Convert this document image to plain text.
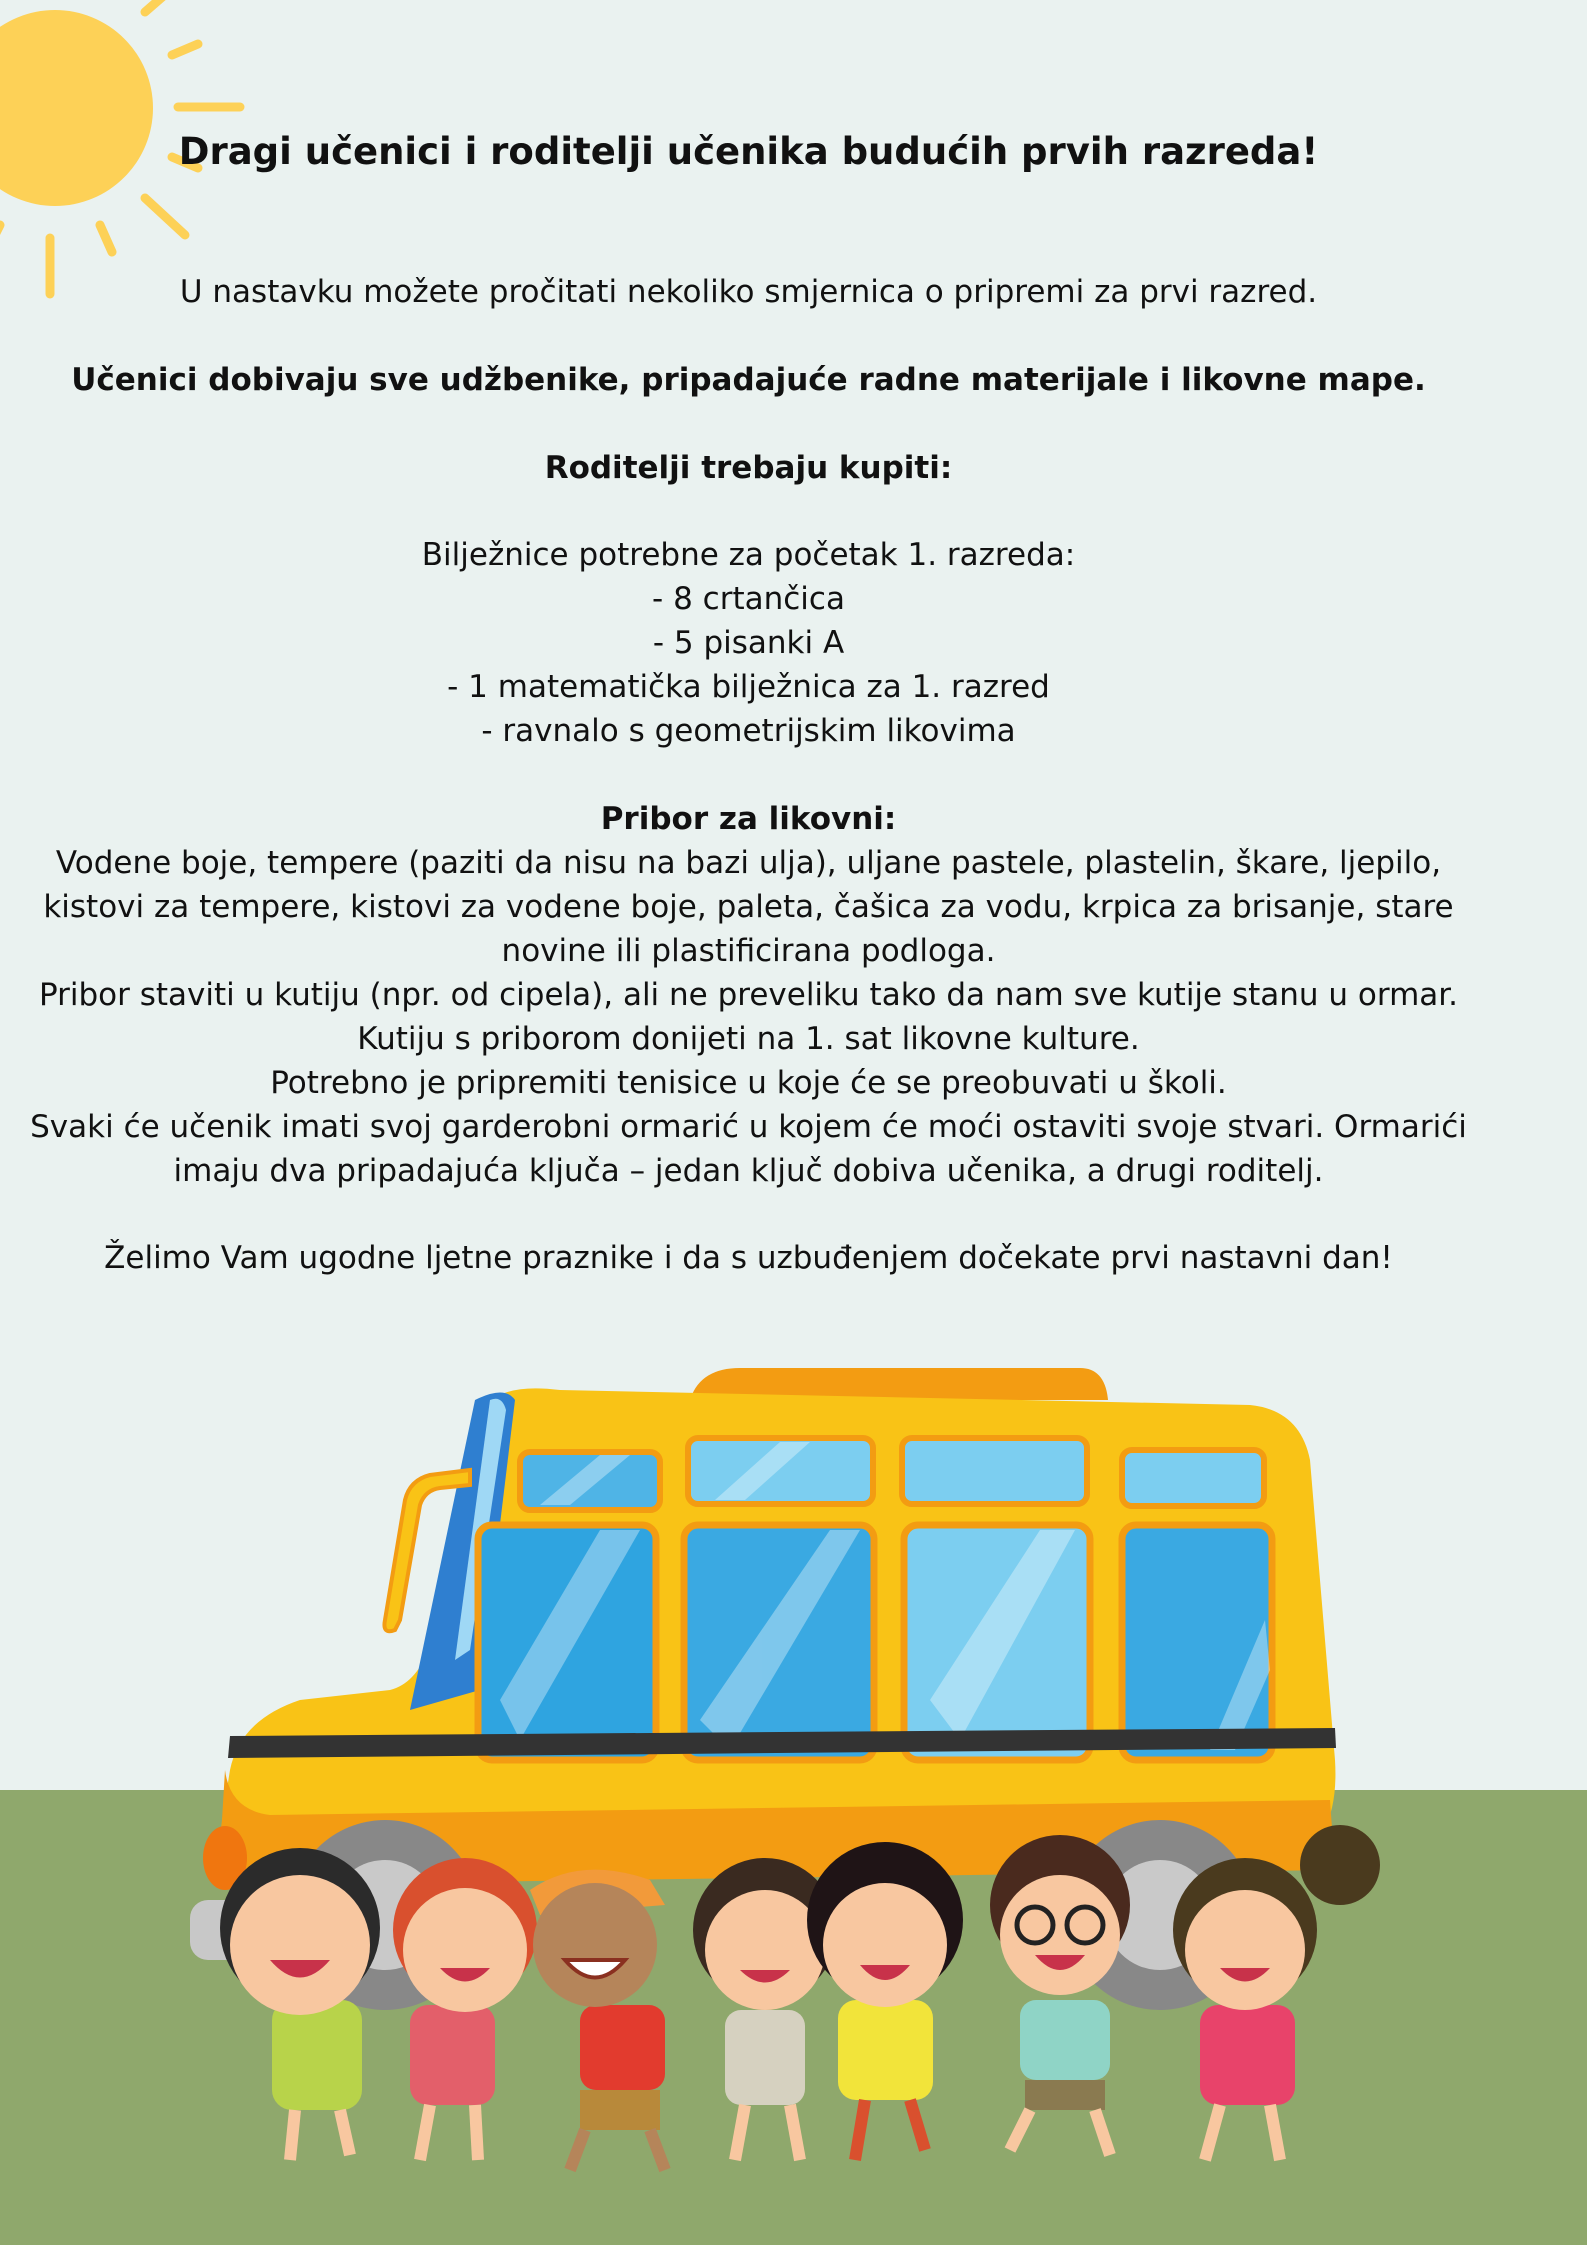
Dragi učenici i roditelji učenika budućih prvih razreda!
U nastavku možete pročitati nekoliko smjernica o pripremi za prvi razred.
Učenici dobivaju sve udžbenike, pripadajuće radne materijale i likovne mape.
Roditelji trebaju kupiti:
Bilježnice potrebne za početak 1. razreda:
- 8 crtančica
- 5 pisanki A
- 1 matematička bilježnica za 1. razred
- ravnalo s geometrijskim likovima
Pribor za likovni:
Vodene boje, tempere (paziti da nisu na bazi ulja), uljane pastele, plastelin, škare, ljepilo, kistovi za tempere, kistovi za vodene boje, paleta, čašica za vodu, krpica za brisanje, stare novine ili plastificirana podloga.
Pribor staviti u kutiju (npr. od cipela), ali ne preveliku tako da nam sve kutije stanu u ormar.
Kutiju s priborom donijeti na 1. sat likovne kulture.
Potrebno je pripremiti tenisice u koje će se preobuvati u školi.
Svaki će učenik imati svoj garderobni ormarić u kojem će moći ostaviti svoje stvari. Ormarići imaju dva pripadajuća ključa – jedan ključ dobiva učenika, a drugi roditelj.
Želimo Vam ugodne ljetne praznike i da s uzbuđenjem dočekate prvi nastavni dan!
